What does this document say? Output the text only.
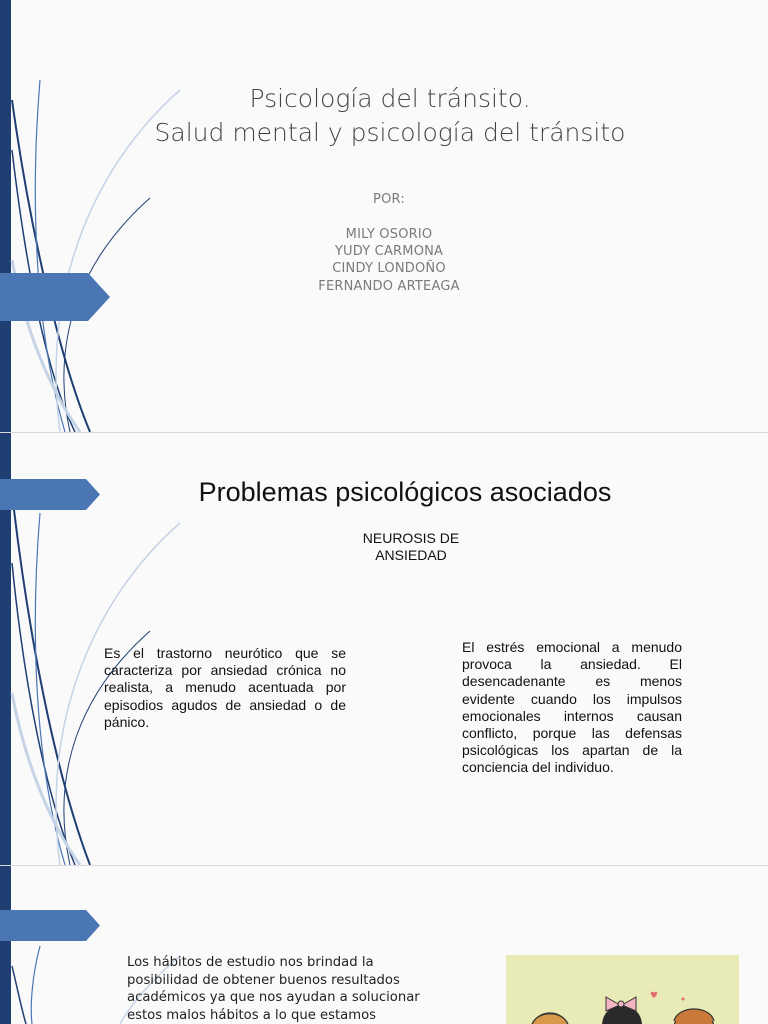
Psicología del tránsito.
Salud mental y psicología del tránsito
POR:
MILY OSORIO
YUDY CARMONA
CINDY LONDOÑO
FERNANDO ARTEAGA
Problemas psicológicos asociados
NEUROSIS DE
ANSIEDAD
Es el trastorno neurótico que se caracteriza por ansiedad crónica no realista, a menudo acentuada por episodios agudos de ansiedad o de pánico.
El estrés emocional a menudo provoca la ansiedad. El desencadenante es menos evidente cuando los impulsos emocionales internos causan conflicto, porque las defensas psicológicas los apartan de la conciencia del individuo.
Los hábitos de estudio nos brindad la
posibilidad de obtener buenos resultados
académicos ya que nos ayudan a solucionar
estos malos hábitos a lo que estamos
